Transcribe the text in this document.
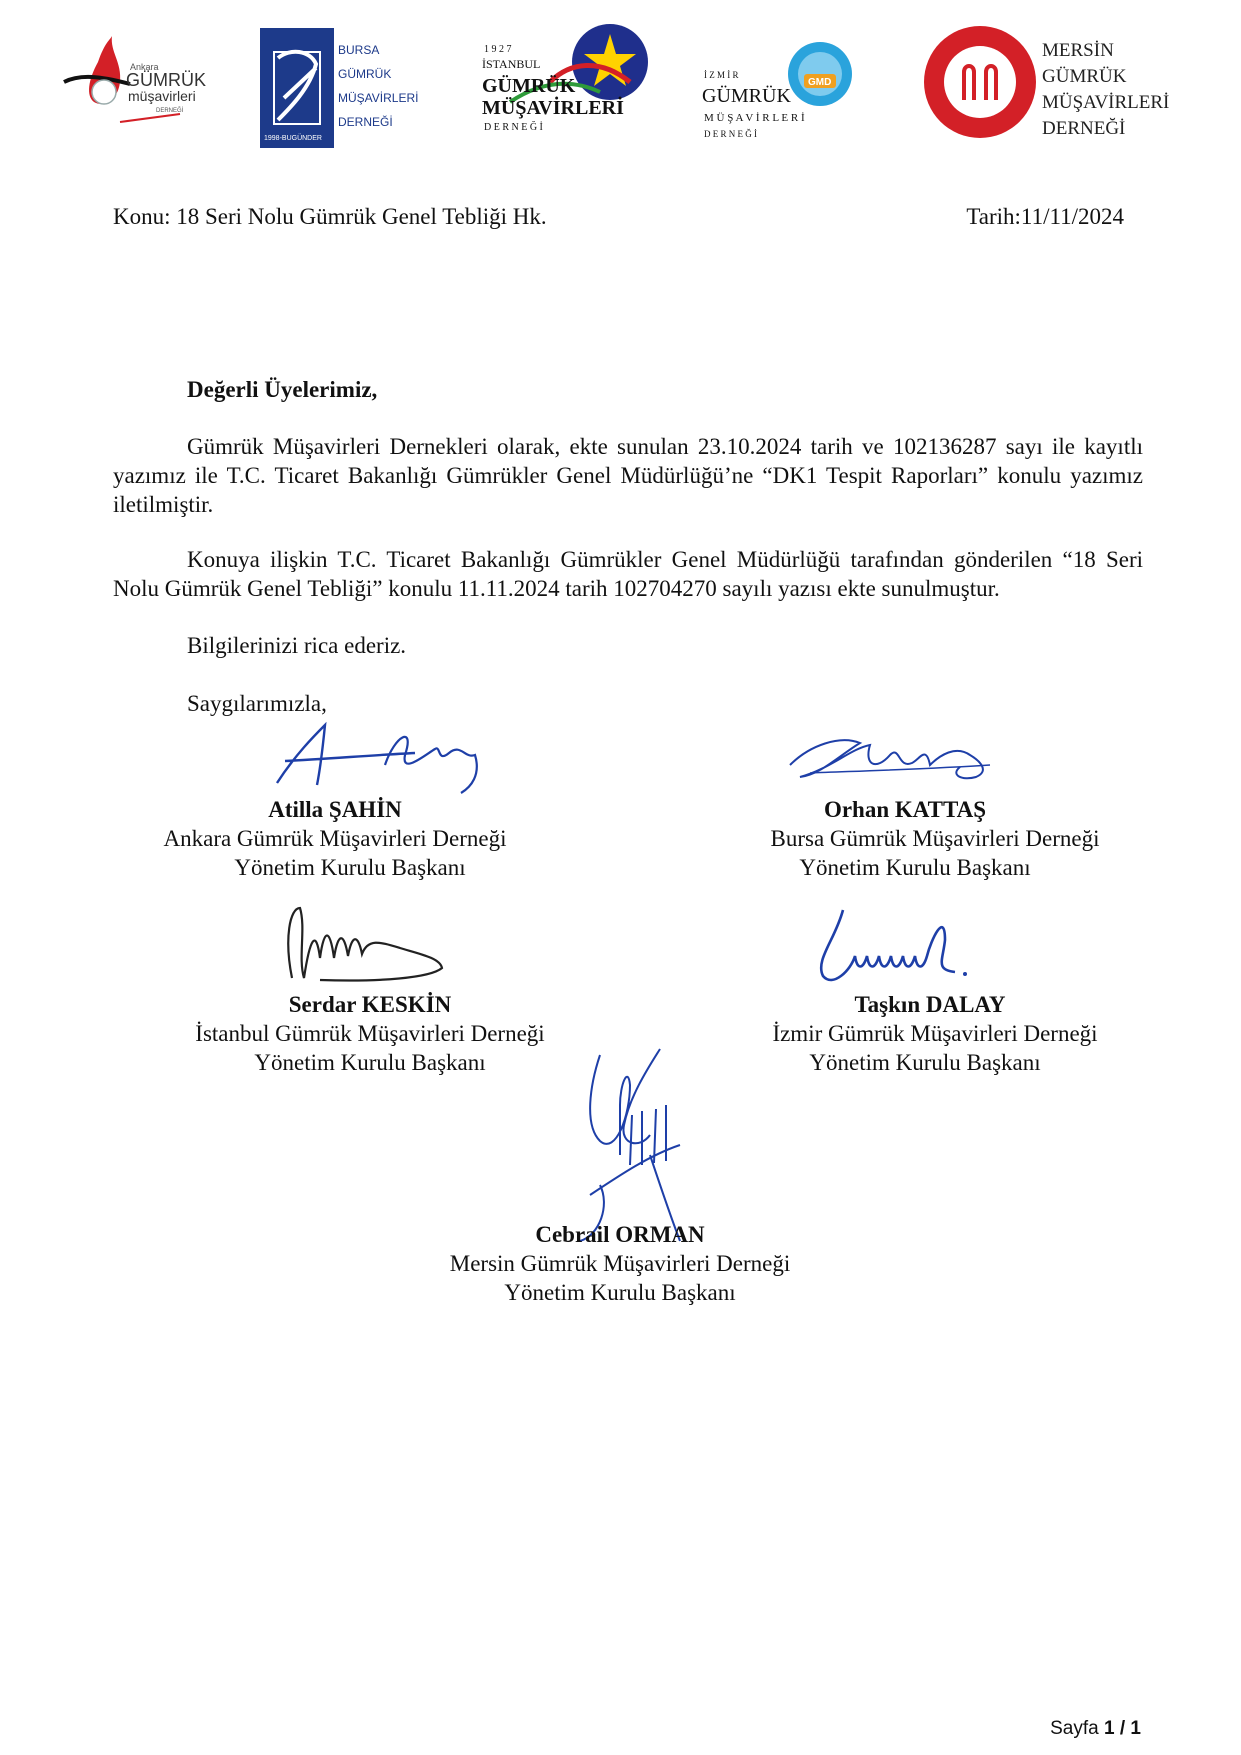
Ankara
GÜMRÜK
müşavirleri
DERNEĞİ
1998-BUGÜNDER
BURSA
GÜMRÜK
MÜŞAVİRLERİ
DERNEĞİ
1 9 2 7
İSTANBUL
GÜMRÜK
MÜŞAVİRLERİ
D E R N E Ğ İ
GMD
İ Z M İ R
GÜMRÜK
M Ü Ş A V İ R L E R İ
D E R N E Ğ İ
MERSİN
GÜMRÜK
MÜŞAVİRLERİ
DERNEĞİ
Konu: 18 Seri Nolu Gümrük Genel Tebliği Hk.	Tarih:11/11/2024
Değerli Üyelerimiz,
Gümrük Müşavirleri Dernekleri olarak, ekte sunulan 23.10.2024 tarih ve 102136287 sayı ile kayıtlı yazımız ile T.C. Ticaret Bakanlığı Gümrükler Genel Müdürlüğü’ne “DK1 Tespit Raporları” konulu yazımız iletilmiştir.
Konuya ilişkin T.C. Ticaret Bakanlığı Gümrükler Genel Müdürlüğü tarafından gönderilen “18 Seri Nolu Gümrük Genel Tebliği” konulu 11.11.2024 tarih 102704270 sayılı yazısı ekte sunulmuştur.
Bilgilerinizi rica ederiz.
Saygılarımızla,
Atilla ŞAHİN
Ankara Gümrük Müşavirleri Derneği
Yönetim Kurulu Başkanı
Orhan KATTAŞ
Bursa Gümrük Müşavirleri Derneği
Yönetim Kurulu Başkanı
Serdar KESKİN
İstanbul Gümrük Müşavirleri Derneği
Yönetim Kurulu Başkanı
Taşkın DALAY
İzmir Gümrük Müşavirleri Derneği
Yönetim Kurulu Başkanı
Cebrail ORMAN
Mersin Gümrük Müşavirleri Derneği
Yönetim Kurulu Başkanı
Sayfa 1 / 1
